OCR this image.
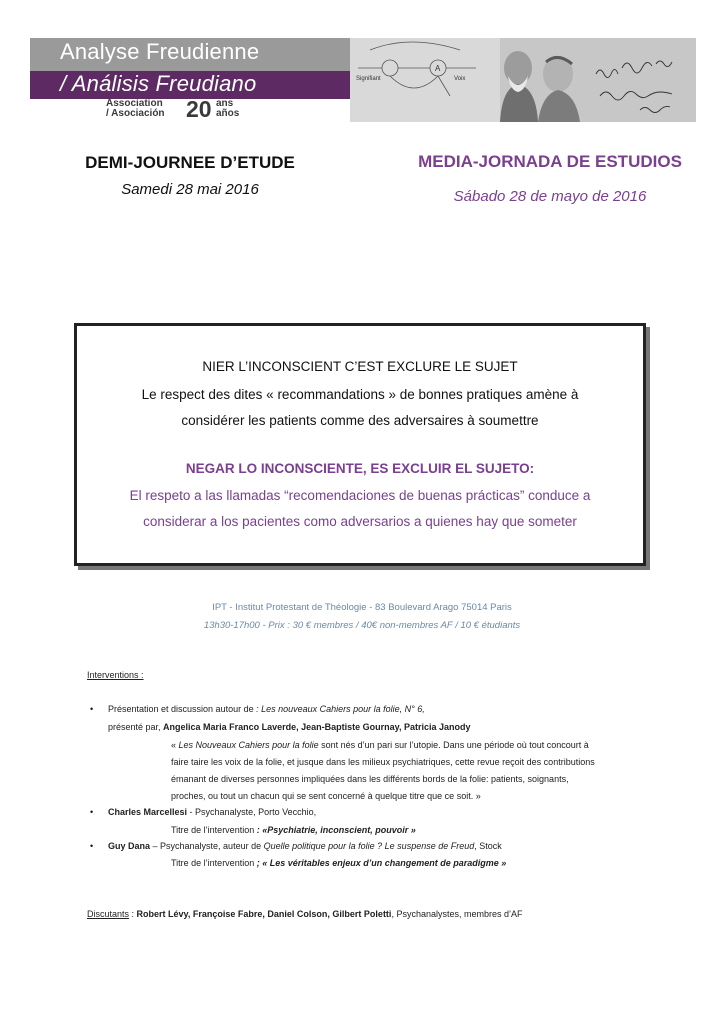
Analyse Freudienne
/ Análisis Freudiano
Association
/ Asociación 20 ans
años
Signifiant
A
Voix
DEMI-JOURNEE D’ETUDE
Samedi 28 mai 2016
MEDIA-JORNADA DE ESTUDIOS
Sábado 28 de mayo de 2016
NIER L’INCONSCIENT C’EST EXCLURE LE SUJET
Le respect des dites « recommandations » de bonnes pratiques amène à
considérer les patients comme des adversaires à soumettre
NEGAR LO INCONSCIENTE, ES EXCLUIR EL SUJETO:
El respeto a las llamadas “recomendaciones de buenas prácticas” conduce a
considerar a los pacientes como adversarios a quienes hay que someter
IPT - Institut Protestant de Théologie - 83 Boulevard Arago 75014 Paris
13h30-17h00 - Prix : 30 € membres / 40€ non-membres AF / 10 € étudiants
Interventions :
• Présentation et discussion autour de : Les nouveaux Cahiers pour la folie, N° 6,
présenté par, Angelica Maria Franco Laverde, Jean-Baptiste Gournay, Patricia Janody
« Les Nouveaux Cahiers pour la folie sont nés d’un pari sur l’utopie. Dans une période où tout concourt à
faire taire les voix de la folie, et jusque dans les milieux psychiatriques, cette revue reçoit des contributions
émanant de diverses personnes impliquées dans les différents bords de la folie: patients, soignants,
proches, ou tout un chacun qui se sent concerné à quelque titre que ce soit. »
• Charles Marcellesi - Psychanalyste, Porto Vecchio,
Titre de l’intervention : «Psychiatrie, inconscient, pouvoir »
• Guy Dana – Psychanalyste, auteur de Quelle politique pour la folie ? Le suspense de Freud, Stock
Titre de l’intervention ; « Les véritables enjeux d’un changement de paradigme »
Discutants : Robert Lévy, Françoise Fabre, Daniel Colson, Gilbert Poletti, Psychanalystes, membres d’AF
